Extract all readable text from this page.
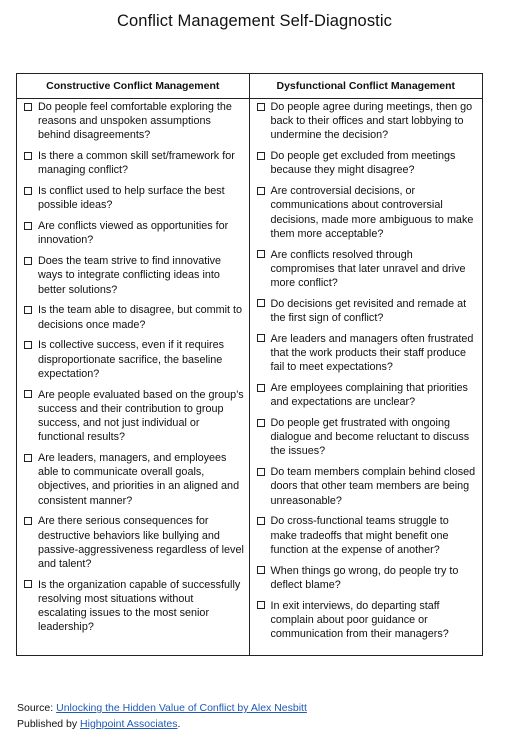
Conflict Management Self-Diagnostic
Constructive Conflict Management
Do people feel comfortable exploring the reasons and unspoken assumptions behind disagreements?
Is there a common skill set/framework for managing conflict?
Is conflict used to help surface the best possible ideas?
Are conflicts viewed as opportunities for innovation?
Does the team strive to find innovative ways to integrate conflicting ideas into better solutions?
Is the team able to disagree, but commit to decisions once made?
Is collective success, even if it requires disproportionate sacrifice, the baseline expectation?
Are people evaluated based on the group’s success and their contribution to group success, and not just individual or functional results?
Are leaders, managers, and employees able to communicate overall goals, objectives, and priorities in an aligned and consistent manner?
Are there serious consequences for destructive behaviors like bullying and passive-aggressiveness regardless of level and talent?
Is the organization capable of successfully resolving most situations without escalating issues to the most senior leadership?
Dysfunctional Conflict Management
Do people agree during meetings, then go back to their offices and start lobbying to undermine the decision?
Do people get excluded from meetings because they might disagree?
Are controversial decisions, or communications about controversial decisions, made more ambiguous to make them more acceptable?
Are conflicts resolved through compromises that later unravel and drive more conflict?
Do decisions get revisited and remade at the first sign of conflict?
Are leaders and managers often frustrated that the work products their staff produce fail to meet expectations?
Are employees complaining that priorities and expectations are unclear?
Do people get frustrated with ongoing dialogue and become reluctant to discuss the issues?
Do team members complain behind closed doors that other team members are being unreasonable?
Do cross-functional teams struggle to make tradeoffs that might benefit one function at the expense of another?
When things go wrong, do people try to deflect blame?
In exit interviews, do departing staff complain about poor guidance or communication from their managers?
Source: Unlocking the Hidden Value of Conflict by Alex Nesbitt
Published by Highpoint Associates.
